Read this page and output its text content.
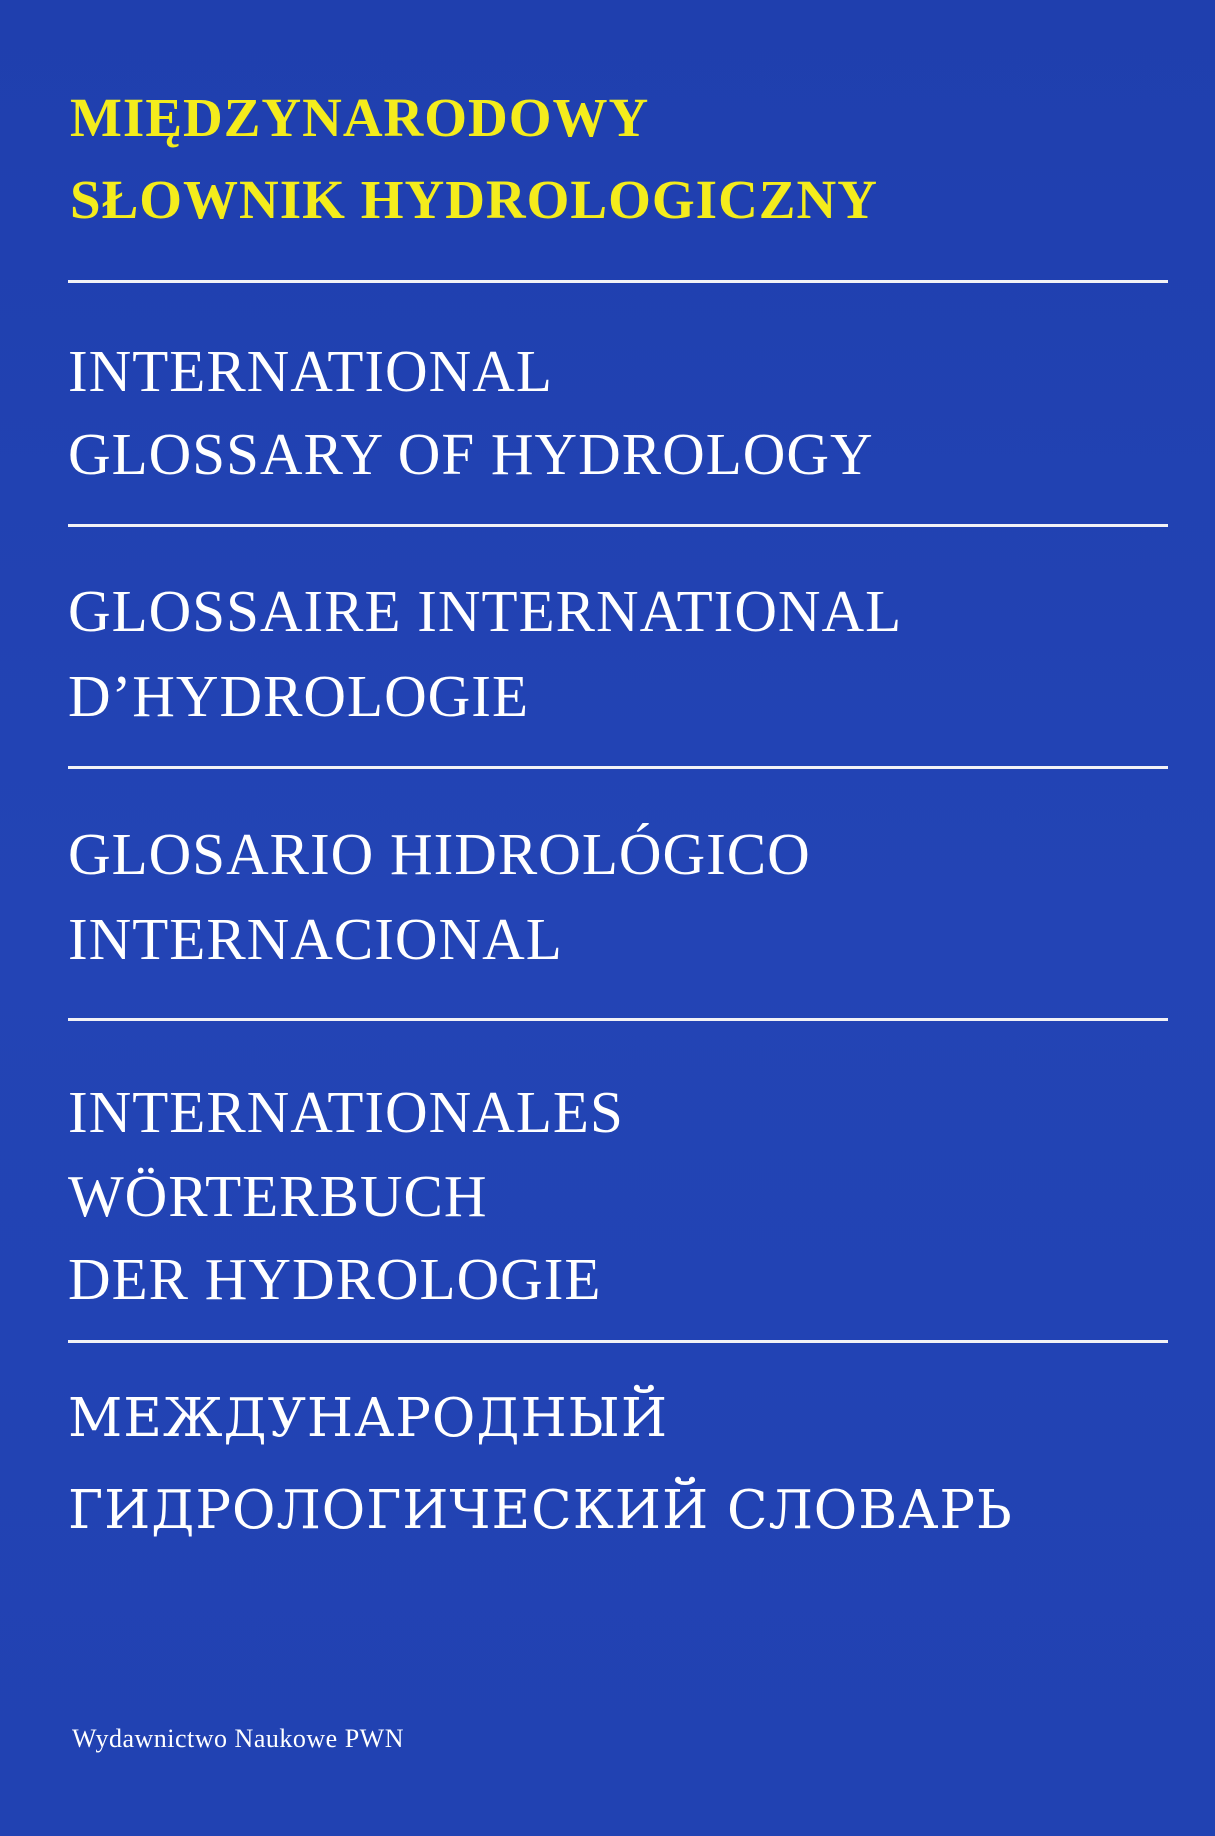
MIĘDZYNARODOWY
SŁOWNIK HYDROLOGICZNY
INTERNATIONAL
GLOSSARY OF HYDROLOGY
GLOSSAIRE INTERNATIONAL
D’HYDROLOGIE
GLOSARIO HIDROLÓGICO
INTERNACIONAL
INTERNATIONALES
WÖRTERBUCH
DER HYDROLOGIE
МЕЖДУНАРОДНЫЙ
ГИДРОЛОГИЧЕСКИЙ СЛОВАРЬ
Wydawnictwo Naukowe PWN
